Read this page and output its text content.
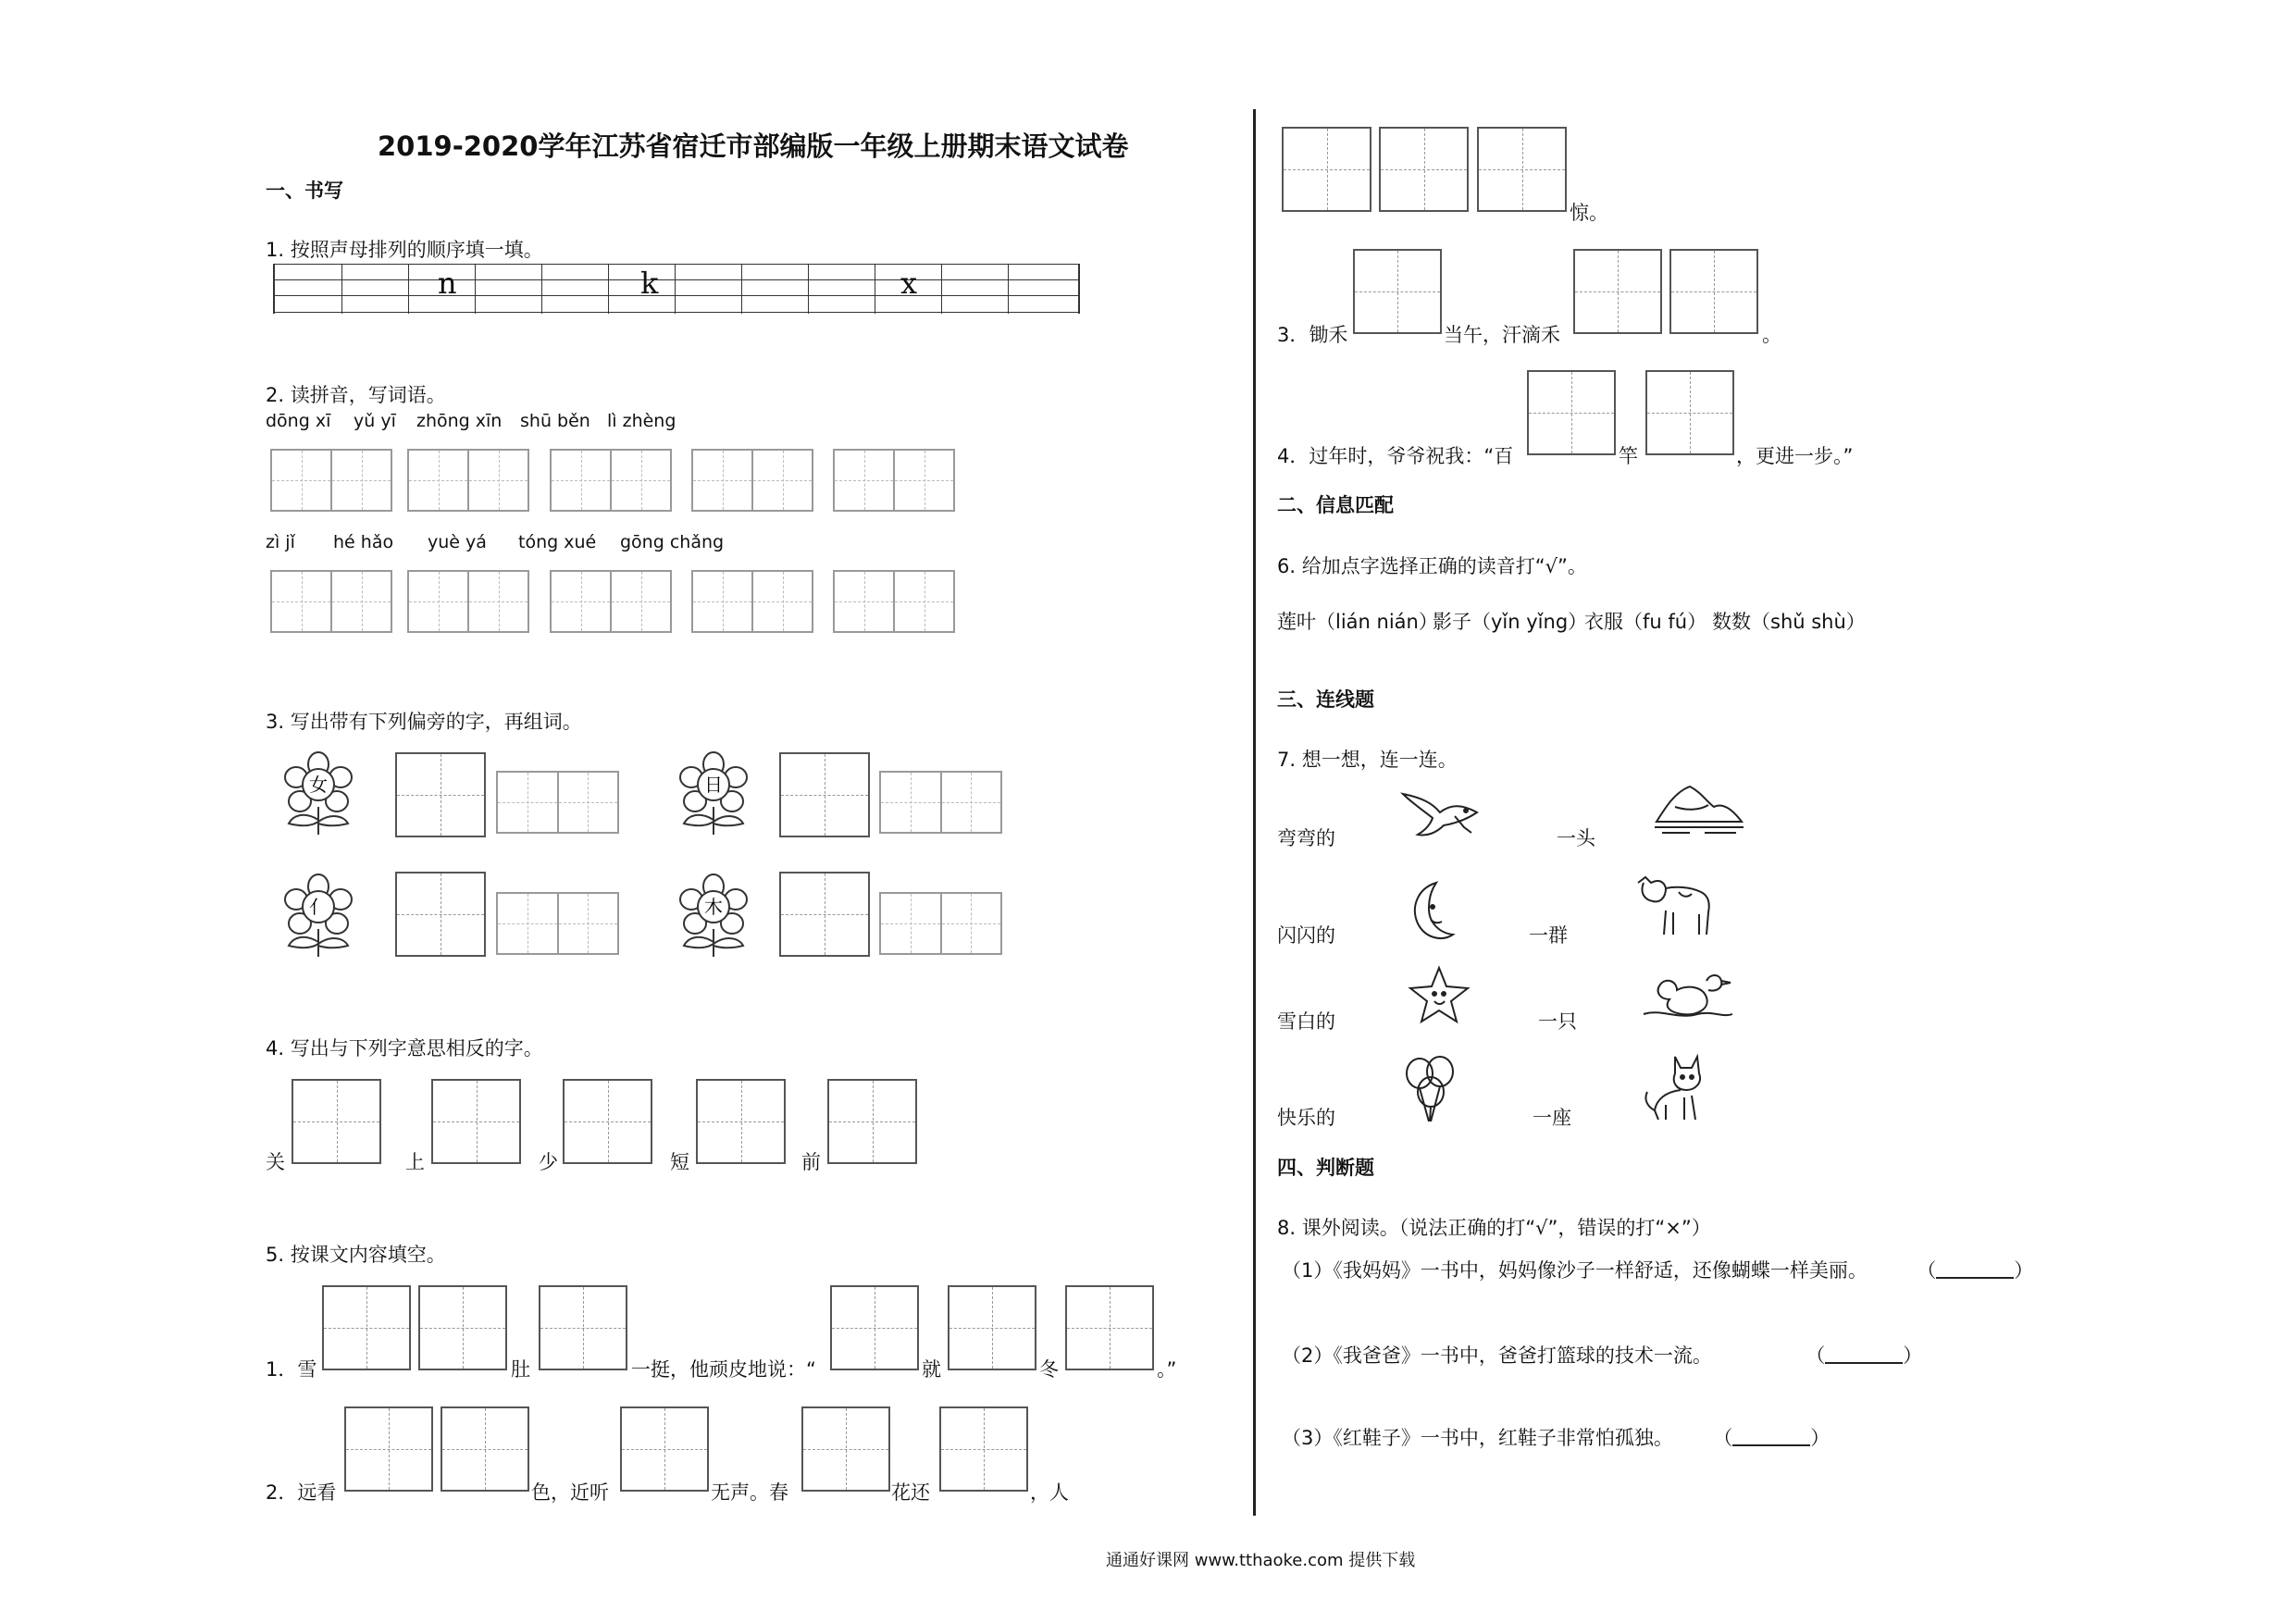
2019-2020学年江苏省宿迁市部编版一年级上册期末语文试卷
一、书写
1. 按照声母排列的顺序填一填。
n	k	x
2. 读拼音，写词语。
dōng xī yǔ yī zhōng xīn shū běn lì zhèng
zì jǐ hé hǎo yuè yá tóng xué gōng chǎng
3. 写出带有下列偏旁的字，再组词。
女	日
亻	木
4. 写出与下列字意思相反的字。
关	上	少	短	前
5. 按课文内容填空。
1．雪	肚	一挺，他顽皮地说：“	就	冬	。”
2．远看	色，近听	无声。春	花还	，人
惊。
3．锄禾	当午，汗滴禾	。
4．过年时，爷爷祝我：“百	竿	，更进一步。”
二、信息匹配
6. 给加点字选择正确的读音打“√”。
莲叶（lián nián）
影子（yǐn yǐng）
衣服（fu fú） 数数（shǔ shù）
三、连线题
7. 想一想，连一连。
弯弯的
闪闪的
雪白的
快乐的
一头
一群
一只
一座
四、判断题
8. 课外阅读。（说法正确的打“√”，错误的打“×”）
（1）《我妈妈》一书中，妈妈像沙子一样舒适，还像蝴蝶一样美丽。	（	）
（2）《我爸爸》一书中，爸爸打篮球的技术一流。	（	）
（3）《红鞋子》一书中，红鞋子非常怕孤独。 （	）
通通好课网 www.tthaoke.com 提供下载
